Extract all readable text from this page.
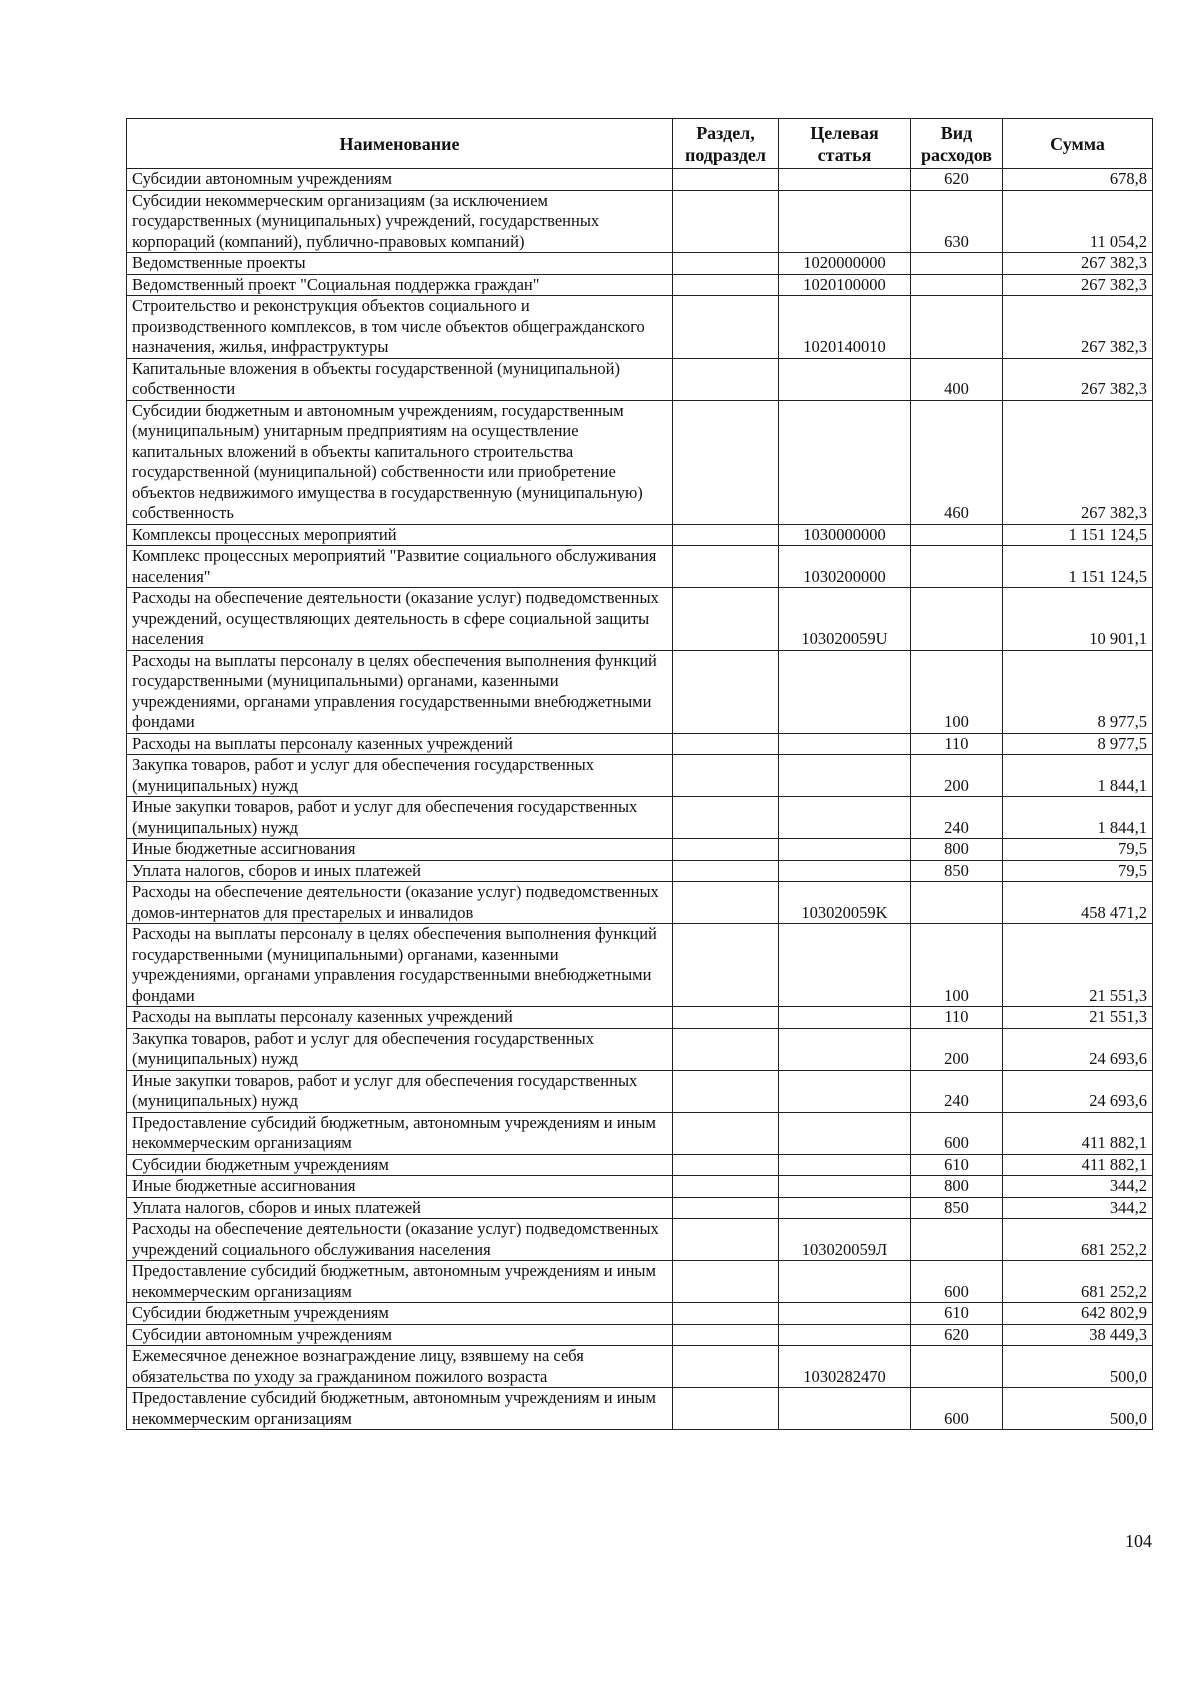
Наименование	Раздел, подраздел	Целевая статья	Вид расходов	Сумма
Субсидии автономным учреждениям			620	678,8
Субсидии некоммерческим организациям (за исключением государственных (муниципальных) учреждений, государственных корпораций (компаний), публично-правовых компаний)			630	11 054,2
Ведомственные проекты		1020000000		267 382,3
Ведомственный проект "Социальная поддержка граждан"		1020100000		267 382,3
Строительство и реконструкция объектов социального и производственного комплексов, в том числе объектов общегражданского назначения, жилья, инфраструктуры		1020140010		267 382,3
Капитальные вложения в объекты государственной (муниципальной) собственности			400	267 382,3
Субсидии бюджетным и автономным учреждениям, государственным (муниципальным) унитарным предприятиям на осуществление капитальных вложений в объекты капитального строительства государственной (муниципальной) собственности или приобретение объектов недвижимого имущества в государственную (муниципальную) собственность			460	267 382,3
Комплексы процессных мероприятий		1030000000		1 151 124,5
Комплекс процессных мероприятий "Развитие социального обслуживания населения"		1030200000		1 151 124,5
Расходы на обеспечение деятельности (оказание услуг) подведомственных учреждений, осуществляющих деятельность в сфере социальной защиты населения		103020059U		10 901,1
Расходы на выплаты персоналу в целях обеспечения выполнения функций государственными (муниципальными) органами, казенными учреждениями, органами управления государственными внебюджетными фондами			100	8 977,5
Расходы на выплаты персоналу казенных учреждений			110	8 977,5
Закупка товаров, работ и услуг для обеспечения государственных (муниципальных) нужд			200	1 844,1
Иные закупки товаров, работ и услуг для обеспечения государственных (муниципальных) нужд			240	1 844,1
Иные бюджетные ассигнования			800	79,5
Уплата налогов, сборов и иных платежей			850	79,5
Расходы на обеспечение деятельности (оказание услуг) подведомственных домов-интернатов для престарелых и инвалидов		103020059K		458 471,2
Расходы на выплаты персоналу в целях обеспечения выполнения функций государственными (муниципальными) органами, казенными учреждениями, органами управления государственными внебюджетными фондами			100	21 551,3
Расходы на выплаты персоналу казенных учреждений			110	21 551,3
Закупка товаров, работ и услуг для обеспечения государственных (муниципальных) нужд			200	24 693,6
Иные закупки товаров, работ и услуг для обеспечения государственных (муниципальных) нужд			240	24 693,6
Предоставление субсидий бюджетным, автономным учреждениям и иным некоммерческим организациям			600	411 882,1
Субсидии бюджетным учреждениям			610	411 882,1
Иные бюджетные ассигнования			800	344,2
Уплата налогов, сборов и иных платежей			850	344,2
Расходы на обеспечение деятельности (оказание услуг) подведомственных учреждений социального обслуживания населения		103020059Л		681 252,2
Предоставление субсидий бюджетным, автономным учреждениям и иным некоммерческим организациям			600	681 252,2
Субсидии бюджетным учреждениям			610	642 802,9
Субсидии автономным учреждениям			620	38 449,3
Ежемесячное денежное вознаграждение лицу, взявшему на себя обязательства по уходу за гражданином пожилого возраста		1030282470		500,0
Предоставление субсидий бюджетным, автономным учреждениям и иным некоммерческим организациям			600	500,0
104
